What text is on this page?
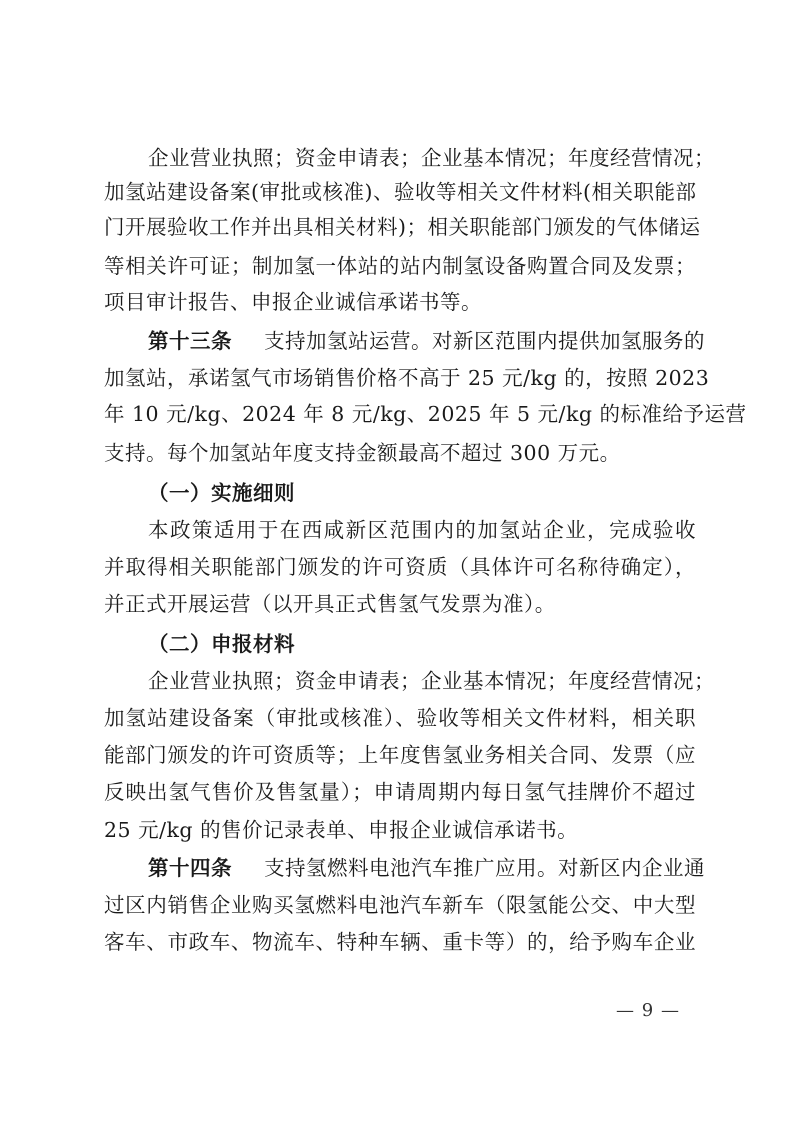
企业营业执照；资金申请表；企业基本情况；年度经营情况；
加氢站建设备案(审批或核准)、验收等相关文件材料(相关职能部
门开展验收工作并出具相关材料)；相关职能部门颁发的气体储运
等相关许可证；制加氢一体站的站内制氢设备购置合同及发票；
项目审计报告、申报企业诚信承诺书等。
第十三条 支持加氢站运营。对新区范围内提供加氢服务的
加氢站，承诺氢气市场销售价格不高于 25 元/kg 的，按照 2023
年 10 元/kg、2024 年 8 元/kg、2025 年 5 元/kg 的标准给予运营
支持。每个加氢站年度支持金额最高不超过 300 万元。
（一）实施细则
本政策适用于在西咸新区范围内的加氢站企业，完成验收
并取得相关职能部门颁发的许可资质（具体许可名称待确定），
并正式开展运营（以开具正式售氢气发票为准）。
（二）申报材料
企业营业执照；资金申请表；企业基本情况；年度经营情况；
加氢站建设备案（审批或核准）、验收等相关文件材料，相关职
能部门颁发的许可资质等；上年度售氢业务相关合同、发票（应
反映出氢气售价及售氢量）；申请周期内每日氢气挂牌价不超过
25 元/kg 的售价记录表单、申报企业诚信承诺书。
第十四条 支持氢燃料电池汽车推广应用。对新区内企业通
过区内销售企业购买氢燃料电池汽车新车（限氢能公交、中大型
客车、市政车、物流车、特种车辆、重卡等）的，给予购车企业
— 9 —
